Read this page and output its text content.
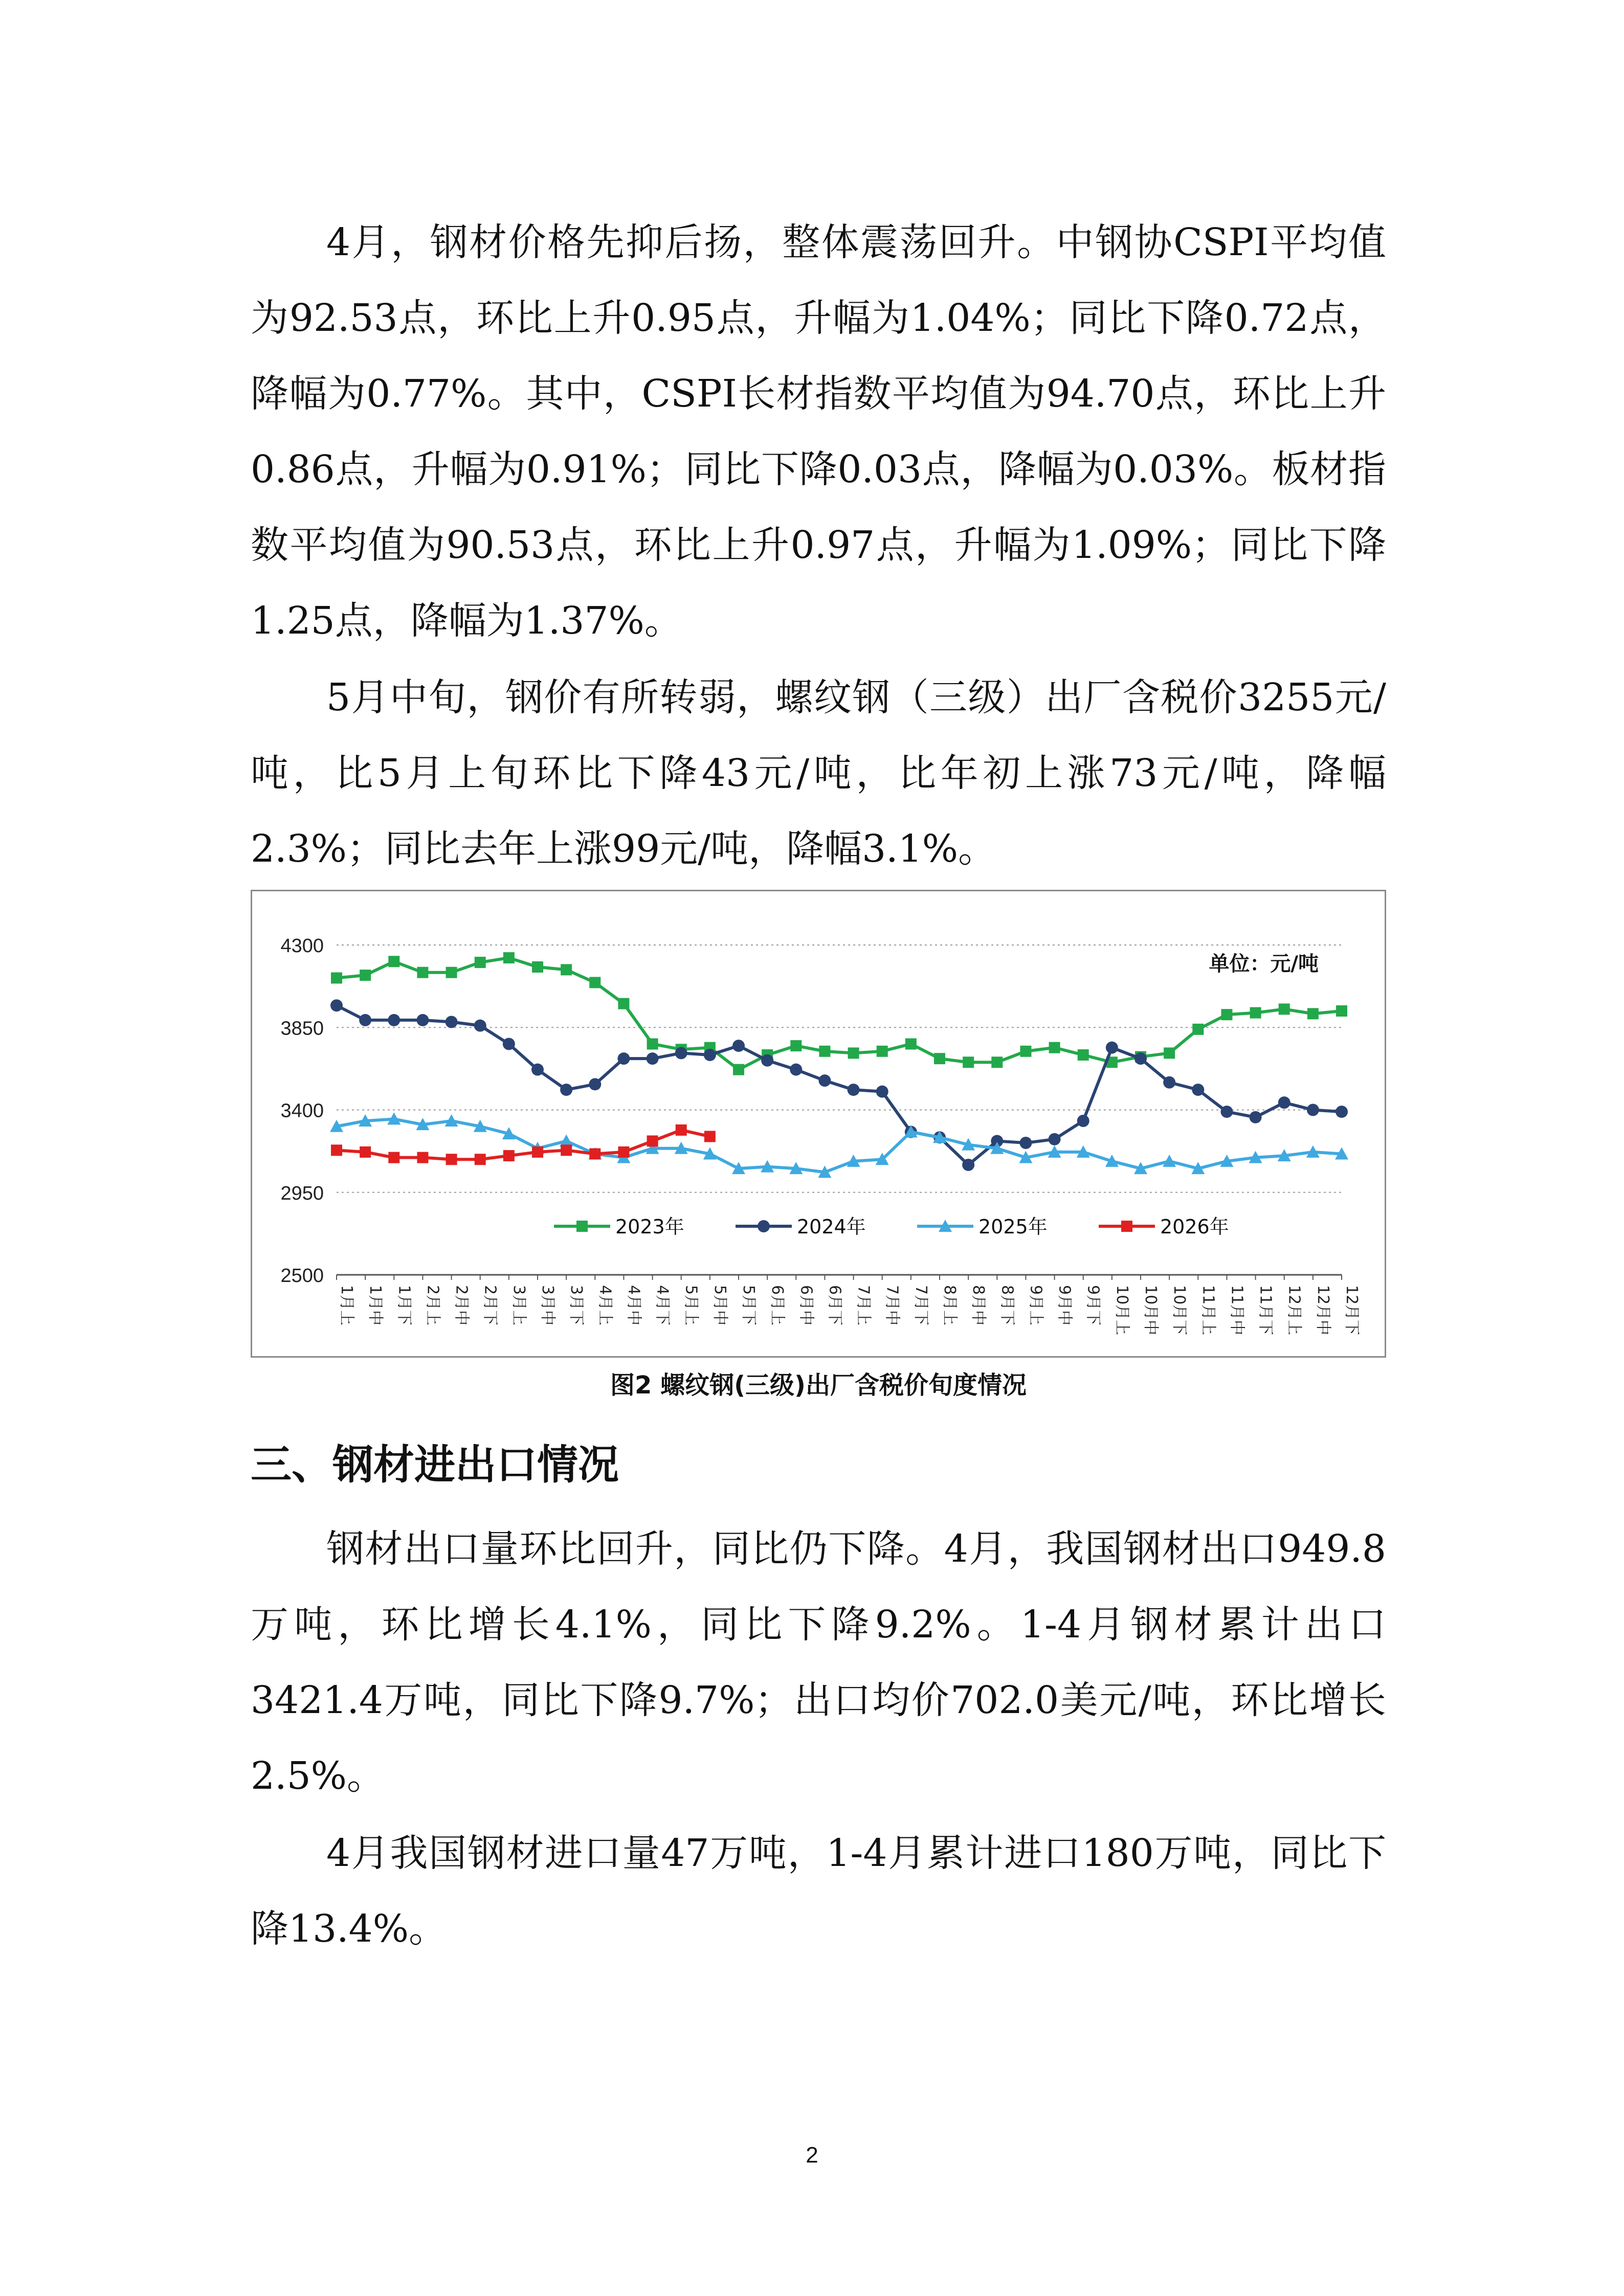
4月，钢材价格先抑后扬，整体震荡回升。中钢协CSPI平均值为92.53点，环比上升0.95点，升幅为1.04%；同比下降0.72点，降幅为0.77%。其中，CSPI长材指数平均值为94.70点，环比上升0.86点，升幅为0.91%；同比下降0.03点，降幅为0.03%。板材指数平均值为90.53点，环比上升0.97点，升幅为1.09%；同比下降1.25点，降幅为1.37%。

5月中旬，钢价有所转弱，螺纹钢（三级）出厂含税价3255元/吨，比5月上旬环比下降43元/吨，比年初上涨73元/吨，降幅2.3%；同比去年上涨99元/吨，降幅3.1%。

4300
3850
3400
2950
2500
1月上 1月中 1月下 2月上 2月中 2月下 3月上 3月中 3月下 4月上 4月中 4月下 5月上 5月中 5月下 6月上 6月中 6月下 7月上 7月中 7月下 8月上 8月中 8月下 9月上 9月中 9月下 10月上 10月中 10月下 11月上 11月中 11月下 12月上 12月中 12月下
单位：元/吨
2023年	2024年	2025年	2026年
图2 螺纹钢(三级)出厂含税价旬度情况
三、钢材进出口情况

钢材出口量环比回升，同比仍下降。4月，我国钢材出口949.8万吨，环比增长4.1%，同比下降9.2%。1-4月钢材累计出口3421.4万吨，同比下降9.7%；出口均价702.0美元/吨，环比增长2.5%。

4月我国钢材进口量47万吨，1-4月累计进口180万吨，同比下降13.4%。

2
